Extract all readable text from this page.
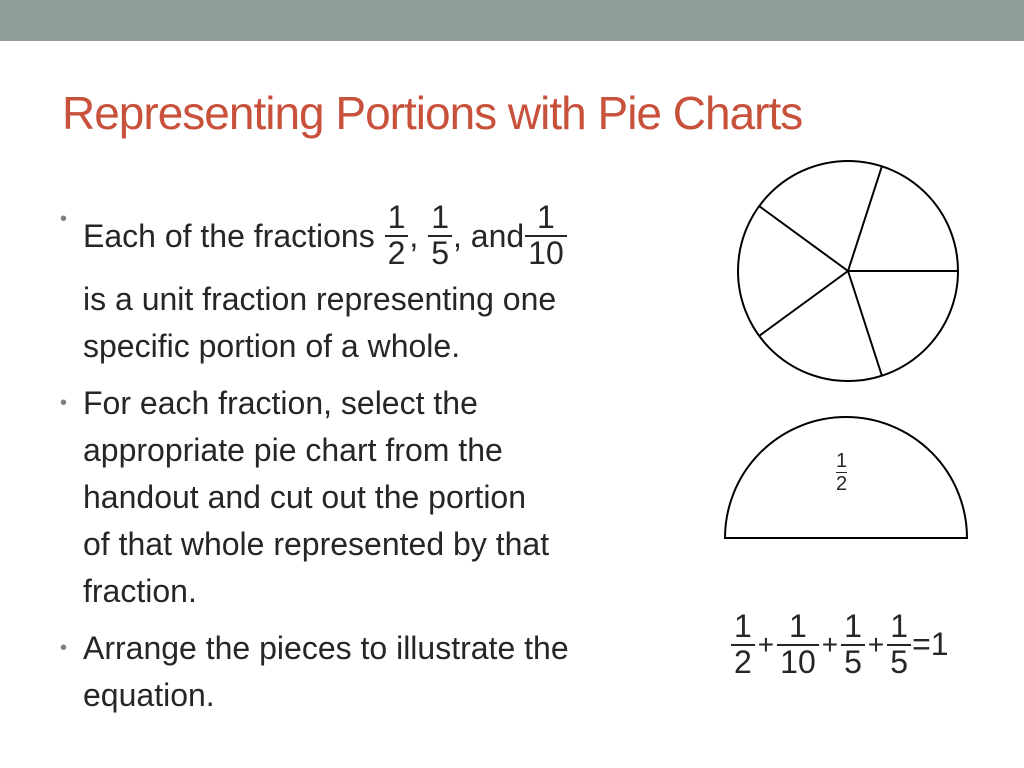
Representing Portions with Pie Charts
• Each of the fractions
$\frac{1}{2}$ ,
$\frac{1}{5}$ , and $\frac{1}{10}$
is a unit fraction representing one
specific portion of a whole.
• For each fraction, select the
appropriate pie chart from the
handout and cut out the portion
of that whole represented by that
fraction.
• Arrange the pieces to illustrate the
equation.
$\frac{1}{2}$
$\frac{1}{2} + \frac{1}{10} + \frac{1}{5} + \frac{1}{5} =1$
